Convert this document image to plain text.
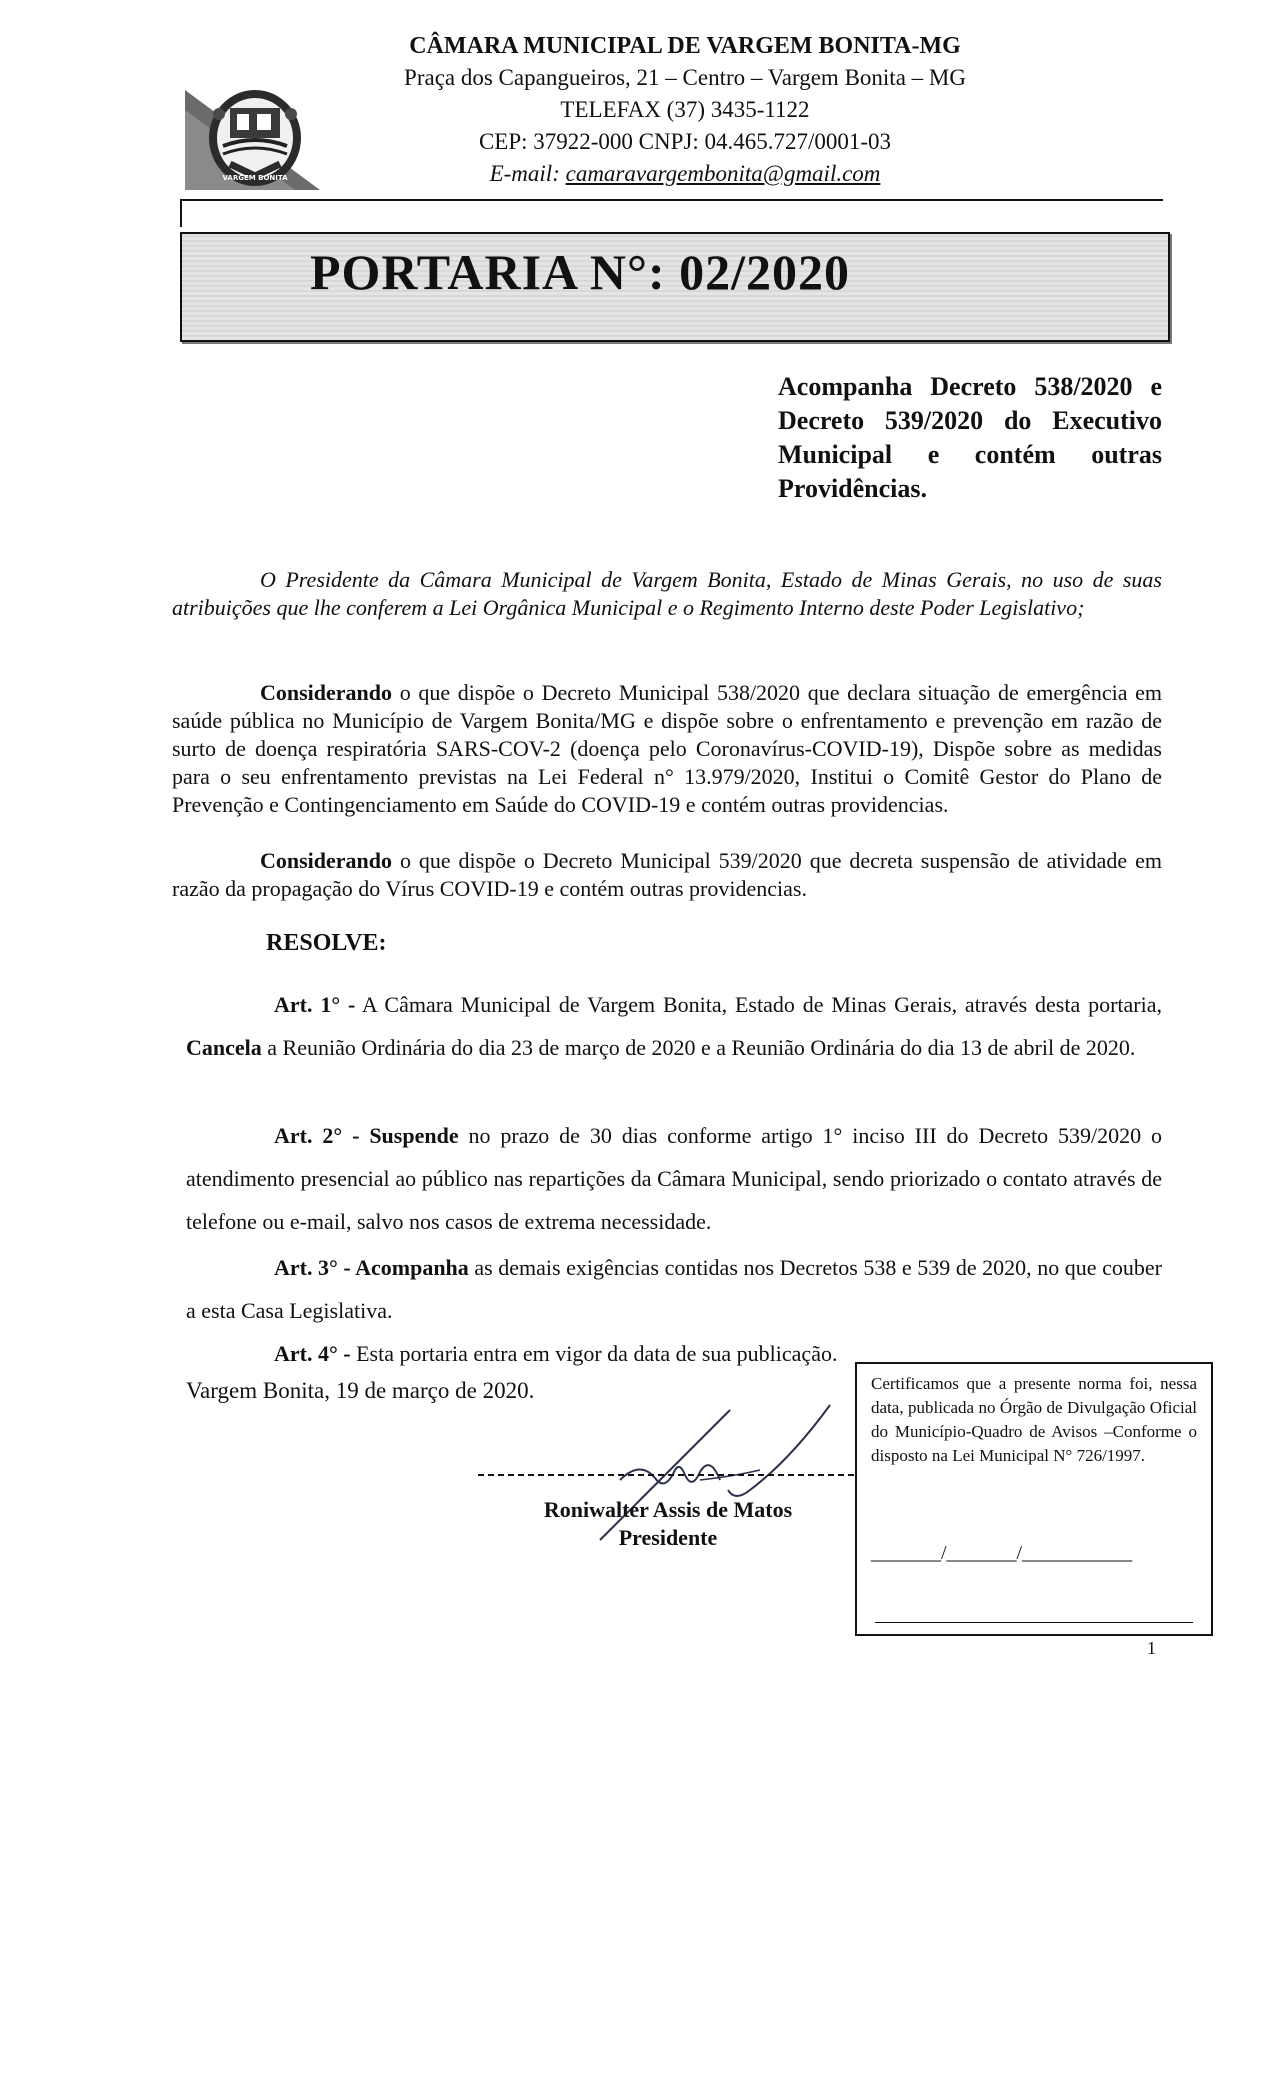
VARGEM BONITA
CÂMARA MUNICIPAL DE VARGEM BONITA-MG
Praça dos Capangueiros, 21 – Centro – Vargem Bonita – MG
TELEFAX (37) 3435-1122
CEP: 37922-000 CNPJ: 04.465.727/0001-03
E-mail: camaravargembonita@gmail.com
PORTARIA N°: 02/2020
Acompanha Decreto 538/2020 e Decreto 539/2020 do Executivo Municipal e contém outras Providências.
O Presidente da Câmara Municipal de Vargem Bonita, Estado de Minas Gerais, no uso de suas atribuições que lhe conferem a Lei Orgânica Municipal e o Regimento Interno deste Poder Legislativo;
Considerando o que dispõe o Decreto Municipal 538/2020 que declara situação de emergência em saúde pública no Município de Vargem Bonita/MG e dispõe sobre o enfrentamento e prevenção em razão de surto de doença respiratória SARS-COV-2 (doença pelo Coronavírus-COVID-19), Dispõe sobre as medidas para o seu enfrentamento previstas na Lei Federal n° 13.979/2020, Institui o Comitê Gestor do Plano de Prevenção e Contingenciamento em Saúde do COVID-19 e contém outras providencias.
Considerando o que dispõe o Decreto Municipal 539/2020 que decreta suspensão de atividade em razão da propagação do Vírus COVID-19 e contém outras providencias.
RESOLVE:
Art. 1° - A Câmara Municipal de Vargem Bonita, Estado de Minas Gerais, através desta portaria, Cancela a Reunião Ordinária do dia 23 de março de 2020 e a Reunião Ordinária do dia 13 de abril de 2020.
Art. 2° - Suspende no prazo de 30 dias conforme artigo 1° inciso III do Decreto 539/2020 o atendimento presencial ao público nas repartições da Câmara Municipal, sendo priorizado o contato através de telefone ou e-mail, salvo nos casos de extrema necessidade.
Art. 3° - Acompanha as demais exigências contidas nos Decretos 538 e 539 de 2020, no que couber a esta Casa Legislativa.
Art. 4° - Esta portaria entra em vigor da data de sua publicação.
Vargem Bonita, 19 de março de 2020.
Roniwalter Assis de Matos
Presidente
Certificamos que a presente norma foi, nessa data, publicada no Órgão de Divulgação Oficial do Município-Quadro de Avisos –Conforme o disposto na Lei Municipal N° 726/1997.
_______/_______/___________
1
